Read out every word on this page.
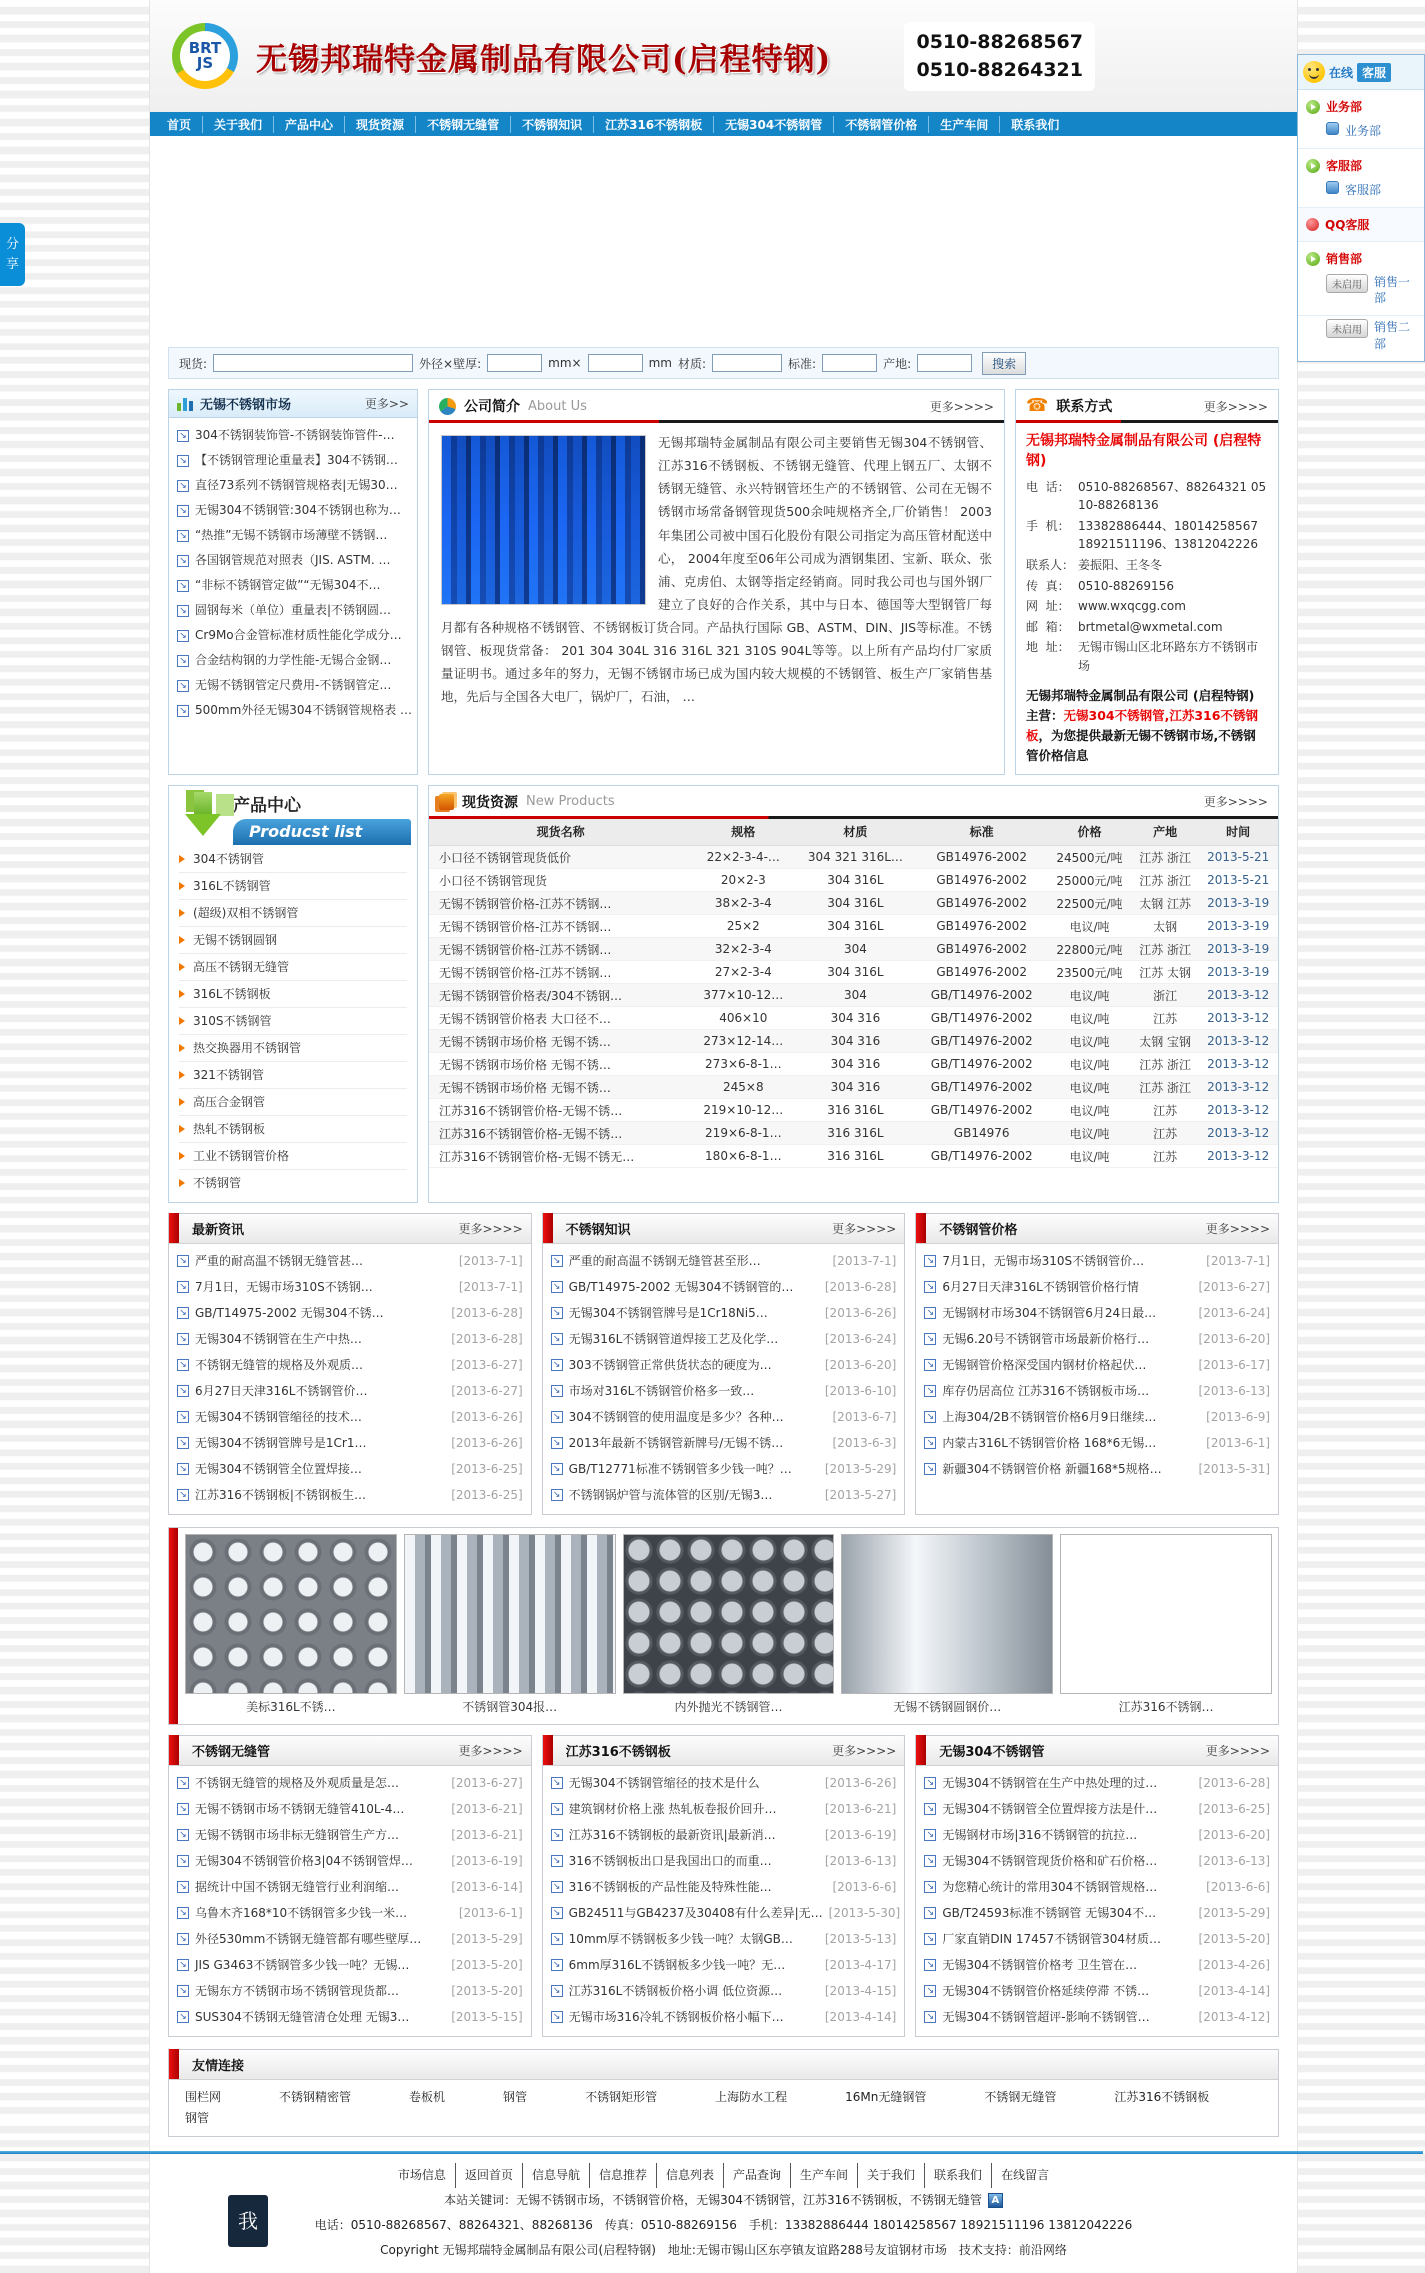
BRT
JS 无锡邦瑞特金属制品有限公司(启程特钢)	0510-88268567
0510-88264321
首页	关于我们	产品中心	现货资源	不锈钢无缝管	不锈钢知识	江苏316不锈钢板	无锡304不锈钢管	不锈钢管价格	生产车间	联系我们
现货:	外径×壁厚:	mm×	mm 材质:	标准:	产地:	搜索
无锡不锈钢市场	更多>>
↘
304不锈钢装饰管-不锈钢装饰管件-…
↘
【不锈钢管理论重量表】304不锈钢…
↘
直径73系列不锈钢管规格表|无锡30…
↘
无锡304不锈钢管:304不锈钢也称为…
↘
“热推”无锡不锈钢市场薄壁不锈钢…
↘
各国钢管规范对照表（JIS. ASTM. …
↘
“非标不锈钢管定做”“无锡304不…
↘
圆钢每米（单位）重量表|不锈钢圆…
↘
Cr9Mo合金管标准材质性能化学成分…
↘
合金结构钢的力学性能-无锡合金钢…
↘
无锡不锈钢管定尺费用-不锈钢管定…
↘
500mm外径无锡304不锈钢管规格表 …
公司简介 About Us	更多>>>>
无锡邦瑞特金属制品有限公司主要销售无锡304不锈钢管、江苏316不锈钢板、不锈钢无缝管、代理上钢五厂、太钢不锈钢无缝管、永兴特钢管坯生产的不锈钢管、公司在无锡不锈钢市场常备钢管现货500余吨规格齐全,厂价销售！ 2003年集团公司被中国石化股份有限公司指定为高压管材配送中心， 2004年度至06年公司成为酒钢集团、宝新、联众、张浦、克虏伯、太钢等指定经销商。同时我公司也与国外钢厂建立了良好的合作关系，其中与日本、德国等大型钢管厂每月都有各种规格不锈钢管、不锈钢板订货合同。产品执行国际 GB、ASTM、DIN、JIS等标准。不锈钢管、板现货常备： 201 304 304L 316 316L 321 310S 904L等等。以上所有产品均付厂家质量证明书。通过多年的努力，无锡不锈钢市场已成为国内较大规模的不锈钢管、板生产厂家销售基地，先后与全国各大电厂，锅炉厂，石油， …
☎ 联系方式	更多>>>>
无锡邦瑞特金属制品有限公司 (启程特钢)
电  话： 0510-88268567、88264321 0510-88268136
手  机： 13382886444、18014258567 18921511196、13812042226
联系人： 姜振阳、王冬冬
传  真： 0510-88269156
网  址： www.wxqcgg.com
邮  箱： brtmetal@wxmetal.com
地  址： 无锡市锡山区北环路东方不锈钢市场
无锡邦瑞特金属制品有限公司 (启程特钢)
主营：无锡304不锈钢管,江苏316不锈钢板，为您提供最新无锡不锈钢市场,不锈钢管价格信息
产品中心
Producst list
304不锈钢管
316L不锈钢管
(超级)双相不锈钢管
无锡不锈钢圆钢
高压不锈钢无缝管
316L不锈钢板
310S不锈钢管
热交换器用不锈钢管
321不锈钢管
高压合金钢管
热轧不锈钢板
工业不锈钢管价格
不锈钢管
现货资源 New Products	更多>>>>
现货名称	规格	材质	标准	价格	产地	时间
小口径不锈钢管现货低价	22×2-3-4-…	304 321 316L…	GB14976-2002	24500元/吨	江苏 浙江	2013-5-21
小口径不锈钢管现货	20×2-3	304 316L	GB14976-2002	25000元/吨	江苏 浙江	2013-5-21
无锡不锈钢管价格-江苏不锈钢…	38×2-3-4	304 316L	GB14976-2002	22500元/吨	太钢 江苏	2013-3-19
无锡不锈钢管价格-江苏不锈钢…	25×2	304 316L	GB14976-2002	电议/吨	太钢	2013-3-19
无锡不锈钢管价格-江苏不锈钢…	32×2-3-4	304	GB14976-2002	22800元/吨	江苏 浙江	2013-3-19
无锡不锈钢管价格-江苏不锈钢…	27×2-3-4	304 316L	GB14976-2002	23500元/吨	江苏 太钢	2013-3-19
无锡不锈钢管价格表/304不锈钢…	377×10-12…	304	GB/T14976-2002	电议/吨	浙江	2013-3-12
无锡不锈钢管价格表 大口径不…	406×10	304 316	GB/T14976-2002	电议/吨	江苏	2013-3-12
无锡不锈钢市场价格 无锡不锈…	273×12-14…	304 316	GB/T14976-2002	电议/吨	太钢 宝钢	2013-3-12
无锡不锈钢市场价格 无锡不锈…	273×6-8-1…	304 316	GB/T14976-2002	电议/吨	江苏 浙江	2013-3-12
无锡不锈钢市场价格 无锡不锈…	245×8	304 316	GB/T14976-2002	电议/吨	江苏 浙江	2013-3-12
江苏316不锈钢管价格-无锡不锈…	219×10-12…	316 316L	GB/T14976-2002	电议/吨	江苏	2013-3-12
江苏316不锈钢管价格-无锡不锈…	219×6-8-1…	316 316L	GB14976	电议/吨	江苏	2013-3-12
江苏316不锈钢管价格-无锡不锈无…	180×6-8-1…	316 316L	GB/T14976-2002	电议/吨	江苏	2013-3-12
最新资讯	更多>>>>
↘
严重的耐高温不锈钢无缝管甚…	[2013-7-1]
↘
7月1日，无锡市场310S不锈钢…	[2013-7-1]
↘
GB/T14975-2002 无锡304不锈…	[2013-6-28]
↘
无锡304不锈钢管在生产中热…	[2013-6-28]
↘
不锈钢无缝管的规格及外观质…	[2013-6-27]
↘
6月27日天津316L不锈钢管价…	[2013-6-27]
↘
无锡304不锈钢管缩径的技术…	[2013-6-26]
↘
无锡304不锈钢管牌号是1Cr1…	[2013-6-26]
↘
无锡304不锈钢管全位置焊接…	[2013-6-25]
↘
江苏316不锈钢板|不锈钢板生…	[2013-6-25]
不锈钢知识	更多>>>>
↘
严重的耐高温不锈钢无缝管甚至形…	[2013-7-1]
↘
GB/T14975-2002 无锡304不锈钢管的…	[2013-6-28]
↘
无锡304不锈钢管牌号是1Cr18Ni5…	[2013-6-26]
↘
无锡316L不锈钢管道焊接工艺及化学…	[2013-6-24]
↘
303不锈钢管正常供货状态的硬度为…	[2013-6-20]
↘
市场对316L不锈钢管价格多一致…	[2013-6-10]
↘
304不锈钢管的使用温度是多少？各种…	[2013-6-7]
↘
2013年最新不锈钢管新牌号/无锡不锈…	[2013-6-3]
↘
GB/T12771标准不锈钢管多少钱一吨？…	[2013-5-29]
↘
不锈钢锅炉管与流体管的区别/无锡3…	[2013-5-27]
不锈钢管价格	更多>>>>
↘
7月1日，无锡市场310S不锈钢管价…	[2013-7-1]
↘
6月27日天津316L不锈钢管价格行情	[2013-6-27]
↘
无锡钢材市场304不锈钢管6月24日最…	[2013-6-24]
↘
无锡6.20号不锈钢管市场最新价格行…	[2013-6-20]
↘
无锡钢管价格深受国内钢材价格起伏…	[2013-6-17]
↘
库存仍居高位 江苏316不锈钢板市场…	[2013-6-13]
↘
上海304/2B不锈钢管价格6月9日继续…	[2013-6-9]
↘
内蒙古316L不锈钢管价格 168*6无锡…	[2013-6-1]
↘
新疆304不锈钢管价格 新疆168*5规格…	[2013-5-31]
美标316L不锈…	不锈钢管304报…	内外抛光不锈钢管…	无锡不锈钢圆钢价…	江苏316不锈钢…
不锈钢无缝管	更多>>>>
↘
不锈钢无缝管的规格及外观质量是怎…	[2013-6-27]
↘
无锡不锈钢市场不锈钢无缝管410L-4…	[2013-6-21]
↘
无锡不锈钢市场非标无缝钢管生产方…	[2013-6-21]
↘
无锡304不锈钢管价格3|04不锈钢管焊…	[2013-6-19]
↘
据统计中国不锈钢无缝管行业利润缩…	[2013-6-14]
↘
乌鲁木齐168*10不锈钢管多少钱一米…	[2013-6-1]
↘
外径530mm不锈钢无缝管都有哪些壁厚…	[2013-5-29]
↘
JIS G3463不锈钢管多少钱一吨？无锡…	[2013-5-20]
↘
无锡东方不锈钢市场不锈钢管现货都…	[2013-5-20]
↘
SUS304不锈钢无缝管清仓处理 无锡3…	[2013-5-15]
江苏316不锈钢板	更多>>>>
↘
无锡304不锈钢管缩径的技术是什么	[2013-6-26]
↘
建筑钢材价格上涨 热轧板卷报价回升…	[2013-6-21]
↘
江苏316不锈钢板的最新资讯|最新消…	[2013-6-19]
↘
316不锈钢板出口是我国出口的而重…	[2013-6-13]
↘
316不锈钢板的产品性能及特殊性能…	[2013-6-6]
↘
GB24511与GB4237及30408有什么差异|无… [2013-5-30]
↘
10mm厚不锈钢板多少钱一吨？太钢GB…	[2013-5-13]
↘
6mm厚316L不锈钢板多少钱一吨？无…	[2013-4-17]
↘
江苏316L不锈钢板价格小调 低位资源…	[2013-4-15]
↘
无锡市场316冷轧不锈钢板价格小幅下…	[2013-4-14]
无锡304不锈钢管	更多>>>>
↘
无锡304不锈钢管在生产中热处理的过…	[2013-6-28]
↘
无锡304不锈钢管全位置焊接方法是什…	[2013-6-25]
↘
无锡钢材市场|316不锈钢管的抗拉…	[2013-6-20]
↘
无锡304不锈钢管现货价格和矿石价格…	[2013-6-13]
↘
为您精心统计的常用304不锈钢管规格…	[2013-6-6]
↘
GB/T24593标准不锈钢管 无锡304不…	[2013-5-29]
↘
厂家直销DIN 17457不锈钢管304材质…	[2013-5-20]
↘
无锡304不锈钢管价格考 卫生管在…	[2013-4-26]
↘
无锡304不锈钢管价格延续停滞 不锈…	[2013-4-14]
↘
无锡304不锈钢管超评-影响不锈钢管…	[2013-4-12]
友情连接
围栏网	不锈钢精密管	卷板机	钢管	不锈钢矩形管	上海防水工程	16Mn无缝钢管	不锈钢无缝管	江苏316不锈钢板
钢管
我
市场信息	返回首页	信息导航	信息推荐	信息列表	产品查询	生产车间	关于我们	联系我们	在线留言
本站关键词：无锡不锈钢市场，不锈钢管价格，无锡304不锈钢管，江苏316不锈钢板，不锈钢无缝管 A
电话：0510-88268567、88264321、88268136　传真：0510-88269156　手机：13382886444 18014258567 18921511196 13812042226
Copyright 无锡邦瑞特金属制品有限公司(启程特钢)　地址:无锡市锡山区东亭镇友谊路288号友谊钢材市场　技术支持：前沿网络
在线 客服
业务部
业务部
客服部
客服部
QQ客服
销售部
未启用	销售一部
未启用	销售二部
分享
